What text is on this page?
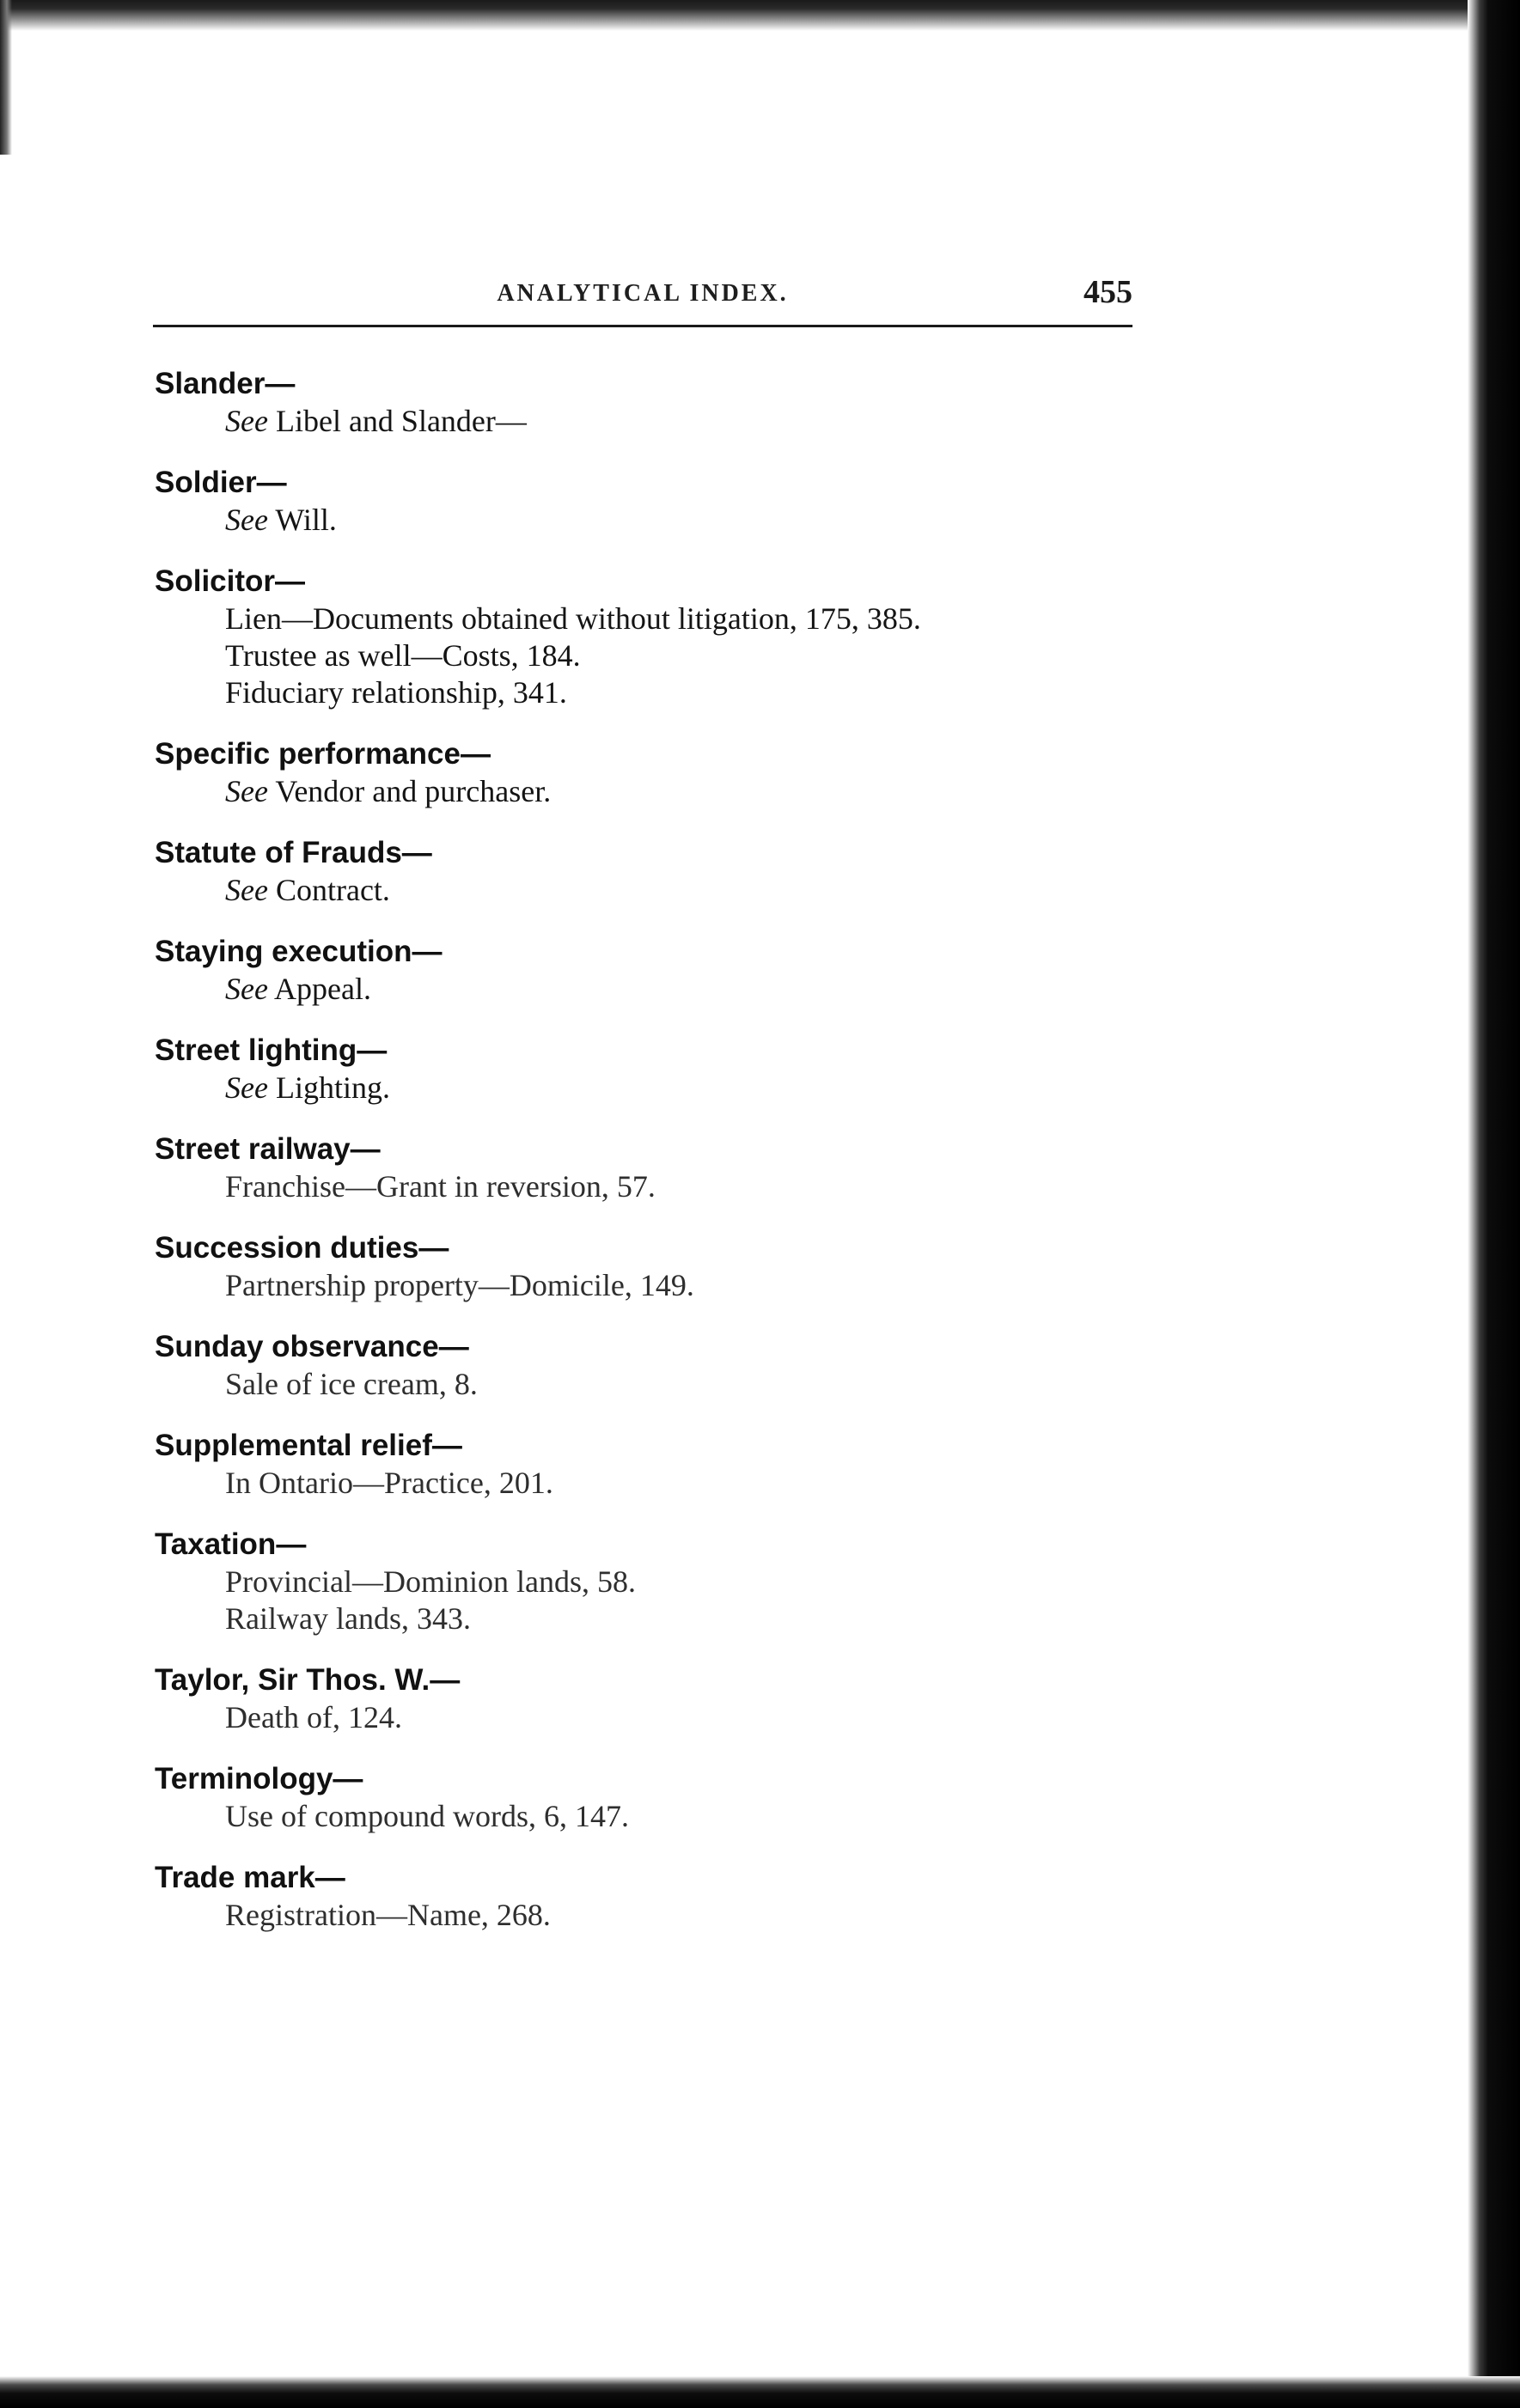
ANALYTICAL INDEX.	455
Slander—
See Libel and Slander—
Soldier—
See Will.
Solicitor—
Lien—Documents obtained without litigation, 175, 385.
Trustee as well—Costs, 184.
Fiduciary relationship, 341.
Specific performance—
See Vendor and purchaser.
Statute of Frauds—
See Contract.
Staying execution—
See Appeal.
Street lighting—
See Lighting.
Street railway—
Franchise—Grant in reversion, 57.
Succession duties—
Partnership property—Domicile, 149.
Sunday observance—
Sale of ice cream, 8.
Supplemental relief—
In Ontario—Practice, 201.
Taxation—
Provincial—Dominion lands, 58.
Railway lands, 343.
Taylor, Sir Thos. W.—
Death of, 124.
Terminology—
Use of compound words, 6, 147.
Trade mark—
Registration—Name, 268.
